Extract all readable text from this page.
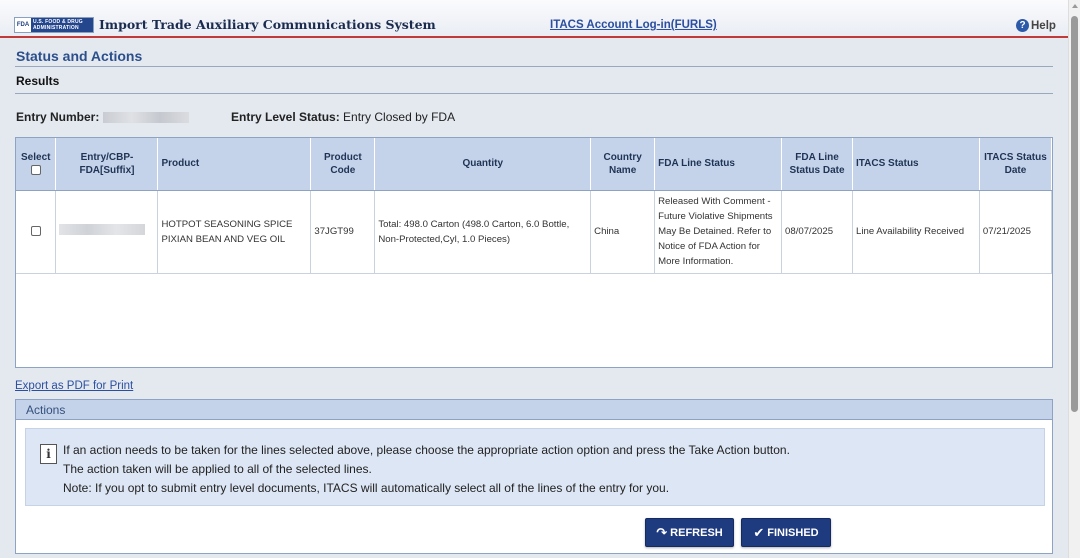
FDA U.S. FOOD & DRUG ADMINISTRATION	Import Trade Auxiliary Communications System	ITACS Account Log-in(FURLS)	? Help
Status and Actions
Results
Entry Number:	Entry Level Status: Entry Closed by FDA
Select	Entry/CBP-FDA[Suffix]	Product	Product Code	Quantity	Country Name	FDA Line Status	FDA Line Status Date	ITACS Status	ITACS Status Date
		HOTPOT SEASONING SPICE PIXIAN BEAN AND VEG OIL	37JGT99	Total: 498.0 Carton (498.0 Carton, 6.0 Bottle, Non-Protected,Cyl, 1.0 Pieces)	China	Released With Comment - Future Violative Shipments May Be Detained. Refer to Notice of FDA Action for More Information.	08/07/2025	Line Availability Received	07/21/2025
Export as PDF for Print
Actions
i	If an action needs to be taken for the lines selected above, please choose the appropriate action option and press the Take Action button.
The action taken will be applied to all of the selected lines.
Note: If you opt to submit entry level documents, ITACS will automatically select all of the lines of the entry for you.
↷ REFRESH ✔ FINISHED
